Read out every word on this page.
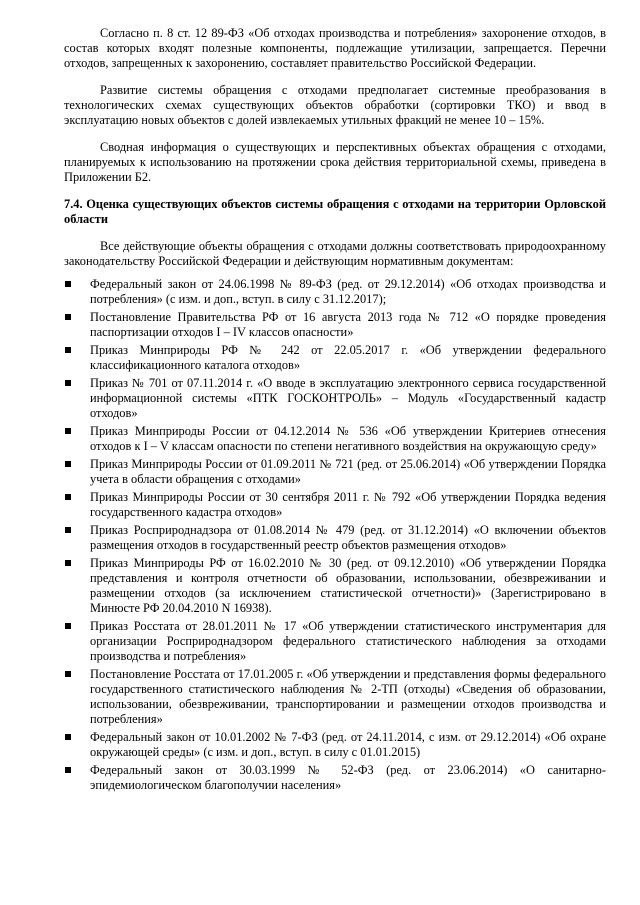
Согласно п. 8 ст. 12 89-ФЗ «Об отходах производства и потребления» захоронение отходов, в состав которых входят полезные компоненты, подлежащие утилизации, запрещается. Перечни отходов, запрещенных к захоронению, составляет правительство Российской Федерации.

Развитие системы обращения с отходами предполагает системные преобразования в технологических схемах существующих объектов обработки (сортировки ТКО) и ввод в эксплуатацию новых объектов с долей извлекаемых утильных фракций не менее 10 – 15%.

Сводная информация о существующих и перспективных объектах обращения с отходами, планируемых к использованию на протяжении срока действия территориальной схемы, приведена в Приложении Б2.

7.4. Оценка существующих объектов системы обращения с отходами на территории Орловской области

Все действующие объекты обращения с отходами должны соответствовать природоохранному законодательству Российской Федерации и действующим нормативным документам:

Федеральный закон от 24.06.1998 № 89-ФЗ (ред. от 29.12.2014) «Об отходах производства и потребления» (с изм. и доп., вступ. в силу с 31.12.2017);
Постановление Правительства РФ от 16 августа 2013 года № 712 «О порядке проведения паспортизации отходов I – IV классов опасности»
Приказ Минприроды РФ № 242 от 22.05.2017 г. «Об утверждении федерального классификационного каталога отходов»
Приказ № 701 от 07.11.2014 г. «О вводе в эксплуатацию электронного сервиса государственной информационной системы «ПТК ГОСКОНТРОЛЬ» – Модуль «Государственный кадастр отходов»
Приказ Минприроды России от 04.12.2014 № 536 «Об утверждении Критериев отнесения отходов к I – V классам опасности по степени негативного воздействия на окружающую среду»
Приказ Минприроды России от 01.09.2011 № 721 (ред. от 25.06.2014) «Об утверждении Порядка учета в области обращения с отходами»
Приказ Минприроды России от 30 сентября 2011 г. № 792 «Об утверждении Порядка ведения государственного кадастра отходов»
Приказ Росприроднадзора от 01.08.2014 № 479 (ред. от 31.12.2014) «О включении объектов размещения отходов в государственный реестр объектов размещения отходов»
Приказ Минприроды РФ от 16.02.2010 № 30 (ред. от 09.12.2010) «Об утверждении Порядка представления и контроля отчетности об образовании, использовании, обезвреживании и размещении отходов (за исключением статистической отчетности)» (Зарегистрировано в Минюсте РФ 20.04.2010 N 16938).
Приказ Росстата от 28.01.2011 № 17 «Об утверждении статистического инструментария для организации Росприроднадзором федерального статистического наблюдения за отходами производства и потребления»
Постановление Росстата от 17.01.2005 г. «Об утверждении и представления формы федерального государственного статистического наблюдения № 2-ТП (отходы) «Сведения об образовании, использовании, обезвреживании, транспортировании и размещении отходов производства и потребления»
Федеральный закон от 10.01.2002 № 7-ФЗ (ред. от 24.11.2014, с изм. от 29.12.2014) «Об охране окружающей среды» (с изм. и доп., вступ. в силу с 01.01.2015)
Федеральный закон от 30.03.1999 № 52-ФЗ (ред. от 23.06.2014) «О санитарно-эпидемиологическом благополучии населения»
